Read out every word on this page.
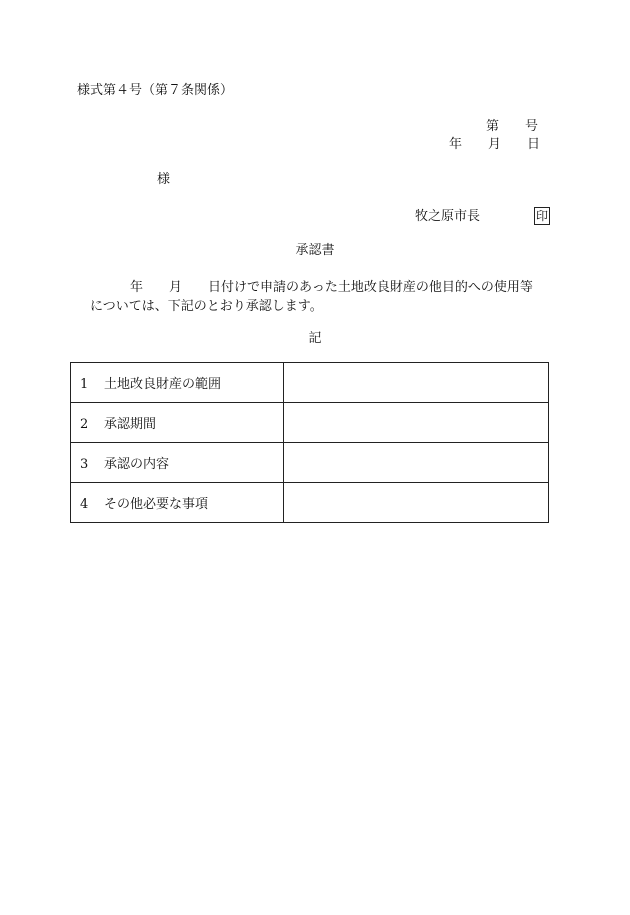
様式第４号（第７条関係）
第　　号
年　　月　　日
様
牧之原市長	印
承認書
年　　月　　日付けで申請のあった土地改良財産の他目的への使用等
については、下記のとおり承認します。
記
1 土地改良財産の範囲	
2 承認期間	
3 承認の内容	
4 その他必要な事項	
